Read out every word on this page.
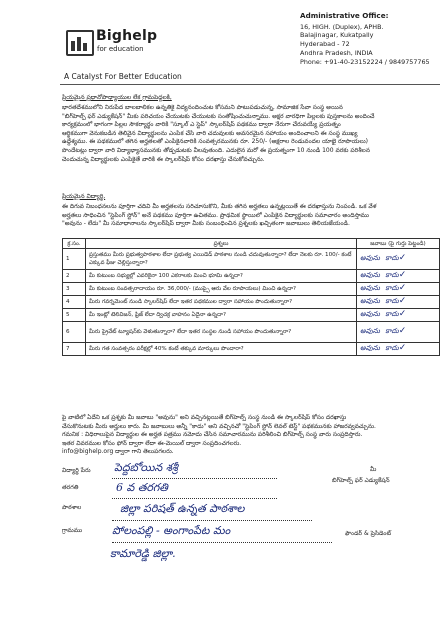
Bighelp
for education
A Catalyst For Better Education
Administrative Office:
16, HIGH. (Duplex), APHB.
Balajinagar, Kukatpally
Hyderabad - 72
Andhra Pradesh, INDIA
Phone: +91-40-23152224 / 9849757765
ప్రియమైన ప్రధానోపాధ్యాయుల లేక గ్రామపెద్దలకి,
భారతదేశములోని నిరుపేద బాలబాలికల ఉన్నతికై విద్యనందించుట కోసమని పాటుపడుచున్న, సామాజిక సేవా సంస్థ అయిన
"బిగ్‌హెల్ప్ ఫర్ ఎడ్యుకేషన్‌" మీకు పరిచయం చేయుటకు చేయుటకు సంతోషించుచున్నాము. అక్షర వారధిగా పిల్లలకు పుస్తకాలను అందించే
కార్యక్రమంలో భాగంగా పిల్లల సౌకర్యార్థం వారికి "స్కూల్ ఎ స్టెప్" స్కాలర్‌షిప్ పథకము ద్వారా నేరుగా చేరువయ్యే ప్రయత్నం
ఆర్థికముగా వెనుకబడిన తెలివైన విద్యార్థులను ఎంపిక చేసి వారి చదువులకు అవసరమైన సహాయం అందించాలని ఈ సంస్థ ముఖ్య
ఉద్దేశ్యము. ఈ పథకములో తగిన అర్హతలతో ఎంపికైనవారికి సంవత్సరమునకు రూ. 250/- (అక్షరాల రెండువందల యాభై రూపాయలు)
పొందేటట్లు ద్వారా వారి విద్యాభ్యాసమునకు తోడ్పడుటకు వీలవుతుంది. ఎదులైన మరో ఈ ప్రయత్నంగా 10 నుండి 100 వరకు పరిశీలన
చెందుచున్న విద్యార్థులకు ఎంపికైతే వారికి ఈ స్కాలర్‌షిప్ కోసం దరఖాస్తు చేసుకోవచ్చును.
ప్రియమైన విద్యార్థి,
ఈ దిగువ నిబంధనలను పూర్తిగా చదివి మీ అర్హతలను సరిచూసుకొని, మీకు తగిన అర్హతలు ఉన్నట్లయితే ఈ దరఖాస్తును నింపండి. ఒక వేళ
అర్హతలు సాధించిన "స్టెపింగ్ స్టోన్‌" అనే పథకము పూర్తిగా ఉచితము. ప్రాథమిక స్థాయిలో ఎంపికైన విద్యార్థులకు సమాచారం అందిస్తాము
"అవును - లేదు" మీ సమాధానాలను స్కాలర్‌షిప్ ద్వారా మీకు సంబంధించిన ప్రశ్నలకు ఖచ్చితంగా జవాబులు తెలియజేయండి.
క్ర.సం.	ప్రశ్నలు	జవాబు (పై గుర్తు పెట్టండి)
1	ప్రస్తుతము మీరు ప్రభుత్వపాఠశాల లేదా ప్రభుత్వ ఎయిడెడ్ పాఠశాల నుండి చదువుతున్నారా? లేదా నెలకు రూ. 100/- కంటే ఎక్కువ ఫీజు చెల్లిస్తున్నారా?	అవును కాదు✓
2	మీ కుటుంబ సభ్యుల్లో ఎవరికైనా 100 ఎకరాలకు మించి భూమి ఉన్నదా?	అవును కాదు✓
3	మీ కుటుంబ సంవత్సరాదాయం రూ. 36,000/- (ముప్పై ఆరు వేల రూపాయలు) మించి ఉన్నదా?	అవును కాదు✓
4	మీరు గవర్నమెంట్ నుండి స్కాలర్‌షిప్ లేదా ఇతర పథకముల ద్వారా సహాయం పొందుతున్నారా?	అవును కాదు✓
5	మీ ఇంట్లో టెలివిజన్, ఫ్రిజ్ లేదా ద్విచక్ర వాహనం ఏదైనా ఉన్నదా?	అవును కాదు✓
6	మీరు ప్రైవేట్ ట్యూషన్‌కు వెళుతున్నారా? లేదా ఇతర సంస్థల నుండి సహాయం పొందుతున్నారా?	అవును కాదు✓
7	మీరు గత సంవత్సరం పరీక్షల్లో 40% కంటే తక్కువ మార్కులు పొందారా?	అవును కాదు✓
పై వాటిలో ఏదేని ఒక ప్రశ్నకు మీ జవాబు "అవును" అని వచ్చినట్లయితే బిగ్‌హెల్ప్ సంస్థ నుండి ఈ స్కాలర్‌షిప్ కోసం దరఖాస్తు
చేసుకొనుటకు మీరు అర్హులు కారు. మీ జవాబులు అన్నీ "కాదు" అని వచ్చినచో "స్టెపింగ్ స్టోన్ లెవల్ టెస్ట్" పథకమునకు హాజరవ్వవచ్చును.
గమనిక : విధిరాలుపైన విద్యార్థుల ఈ అర్హత పత్రము నమోదు చేసిన సమాచారమును పరిశీలించి బిగ్‌హెల్ప్ సంస్థ వారు సంప్రదిస్తారు.
ఇతర వివరముల కోసం ఫోన్ ద్వారా లేదా ఈ-మెయిల్ ద్వారా సంప్రదించగలరు.
info@bighelp.org ద్వారా గాని తెలుపగలరు.
విద్యార్థి పేరు పెద్దబోయిన శశ్రీ
తరగతి	6 వ తరగతి
పాఠశాల	జిల్లా పరిషత్ ఉన్నత పాఠశాల
గ్రామము	పోలంపల్లి - అంగాంపేట మం
కామారెడ్డి జిల్లా.
మీ
బిగ్‌హెల్ప్ ఫర్ ఎడ్యుకేషన్
ఫౌండర్ & ప్రెసిడెంట్
